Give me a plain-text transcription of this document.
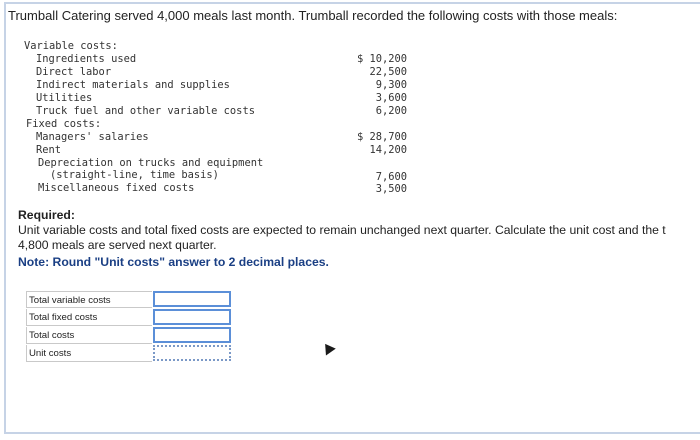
Trumball Catering served 4,000 meals last month. Trumball recorded the following costs with those meals:
Variable costs:
Ingredients used	$ 10,200
Direct labor	22,500
Indirect materials and supplies	9,300
Utilities	3,600
Truck fuel and other variable costs	6,200
Fixed costs:
Managers' salaries	$ 28,700
Rent	14,200
Depreciation on trucks and equipment
(straight-line, time basis)	7,600
Miscellaneous fixed costs	3,500
Required:
Unit variable costs and total fixed costs are expected to remain unchanged next quarter. Calculate the unit cost and the t
4,800 meals are served next quarter.
Note: Round "Unit costs" answer to 2 decimal places.
Total variable costs
Total fixed costs
Total costs
Unit costs
